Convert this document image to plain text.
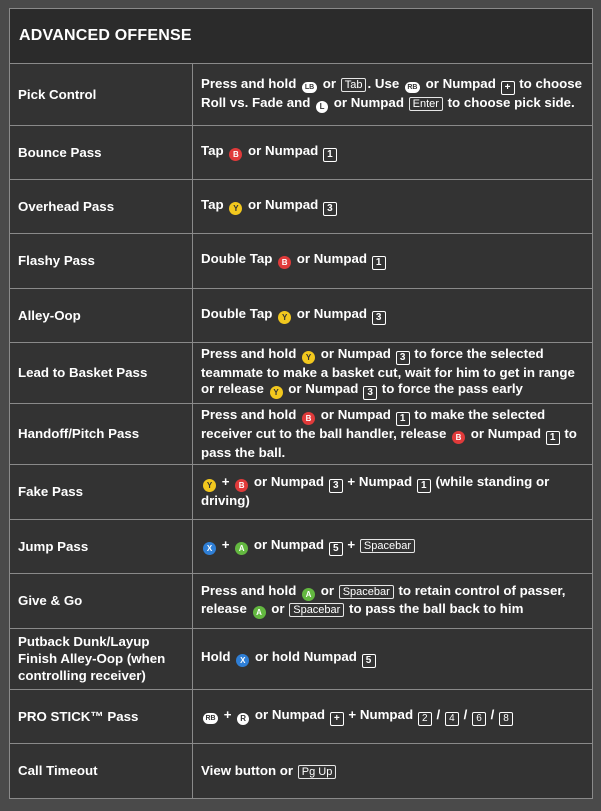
ADVANCED OFFENSE
Pick Control	Press and hold LB or Tab . Use RB or Numpad + to choose Roll vs. Fade and L or Numpad Enter to choose pick side.

Bounce Pass	Tap B or Numpad 1

Overhead Pass	Tap Y or Numpad 3

Flashy Pass	Double Tap B or Numpad 1

Alley-Oop	Double Tap Y or Numpad 3

Lead to Basket Pass	Press and hold Y or Numpad 3 to force the selected teammate to make a basket cut, wait for him to get in range or release Y or Numpad 3 to force the pass early

Handoff/Pitch Pass	Press and hold B or Numpad 1 to make the selected receiver cut to the ball handler, release B or Numpad 1 to pass the ball.

Fake Pass	Y + B or Numpad 3 + Numpad 1 (while standing or driving)

Jump Pass	X + A or Numpad 5 + Spacebar

Give & Go	Press and hold A or Spacebar to retain control of passer, release A or Spacebar to pass the ball back to him

Putback Dunk/Layup Finish Alley-Oop (when controlling receiver)	Hold X or hold Numpad 5

PRO STICK™ Pass	RB + R or Numpad + + Numpad 2 / 4 / 6 / 8

Call Timeout	View button or Pg Up
